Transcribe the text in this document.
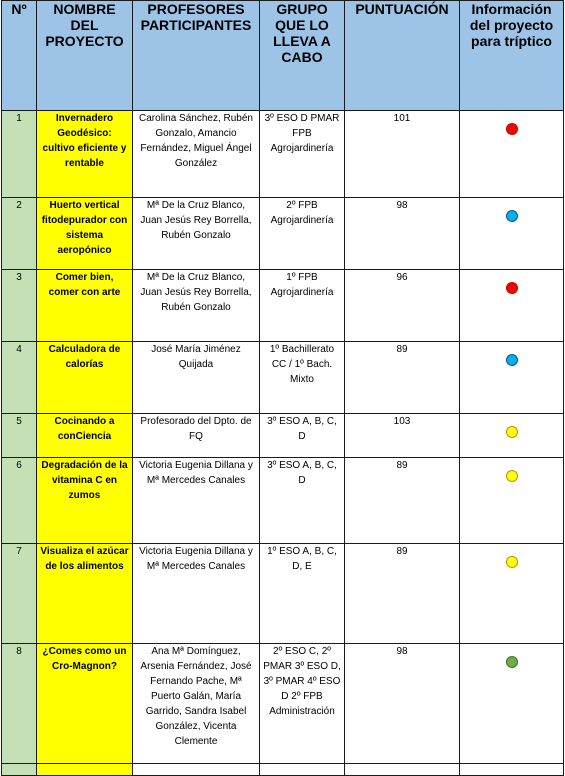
Nº	NOMBRE DEL PROYECTO	PROFESORES PARTICIPANTES	GRUPO QUE LO LLEVA A CABO	PUNTUACIÓN	Información del proyecto para tríptico
1	Invernadero Geodésico: cultivo eficiente y rentable	Carolina Sánchez, Rubén Gonzalo, Amancio Fernández, Miguel Ángel González	3º ESO D PMAR FPB Agrojardinería	101	
2	Huerto vertical fitodepurador con sistema aeropónico	Mª De la Cruz Blanco, Juan Jesús Rey Borrella, Rubén Gonzalo	2º FPB Agrojardinería	98	
3	Comer bien, comer con arte	Mª De la Cruz Blanco, Juan Jesús Rey Borrella, Rubén Gonzalo	1º FPB Agrojardinería	96	
4	Calculadora de calorías	José María Jiménez Quijada	1º Bachillerato CC / 1º Bach. Mixto	89	
5	Cocinando a conCiencia	Profesorado del Dpto. de FQ	3º ESO A, B, C, D	103	
6	Degradación de la vitamina C en zumos	Victoria Eugenia Dillana y Mª Mercedes Canales	3º ESO A, B, C, D	89	
7	Visualiza el azúcar de los alimentos	Victoria Eugenia Dillana y Mª Mercedes Canales	1º ESO A, B, C, D, E	89	
8	¿Comes como un Cro-Magnon?	Ana Mª Domínguez, Arsenia Fernández, José Fernando Pache, Mª Puerto Galán, María Garrido, Sandra Isabel González, Vicenta Clemente	2º ESO C, 2º PMAR 3º ESO D, 3º PMAR 4º ESO D 2º FPB Administración	98	
